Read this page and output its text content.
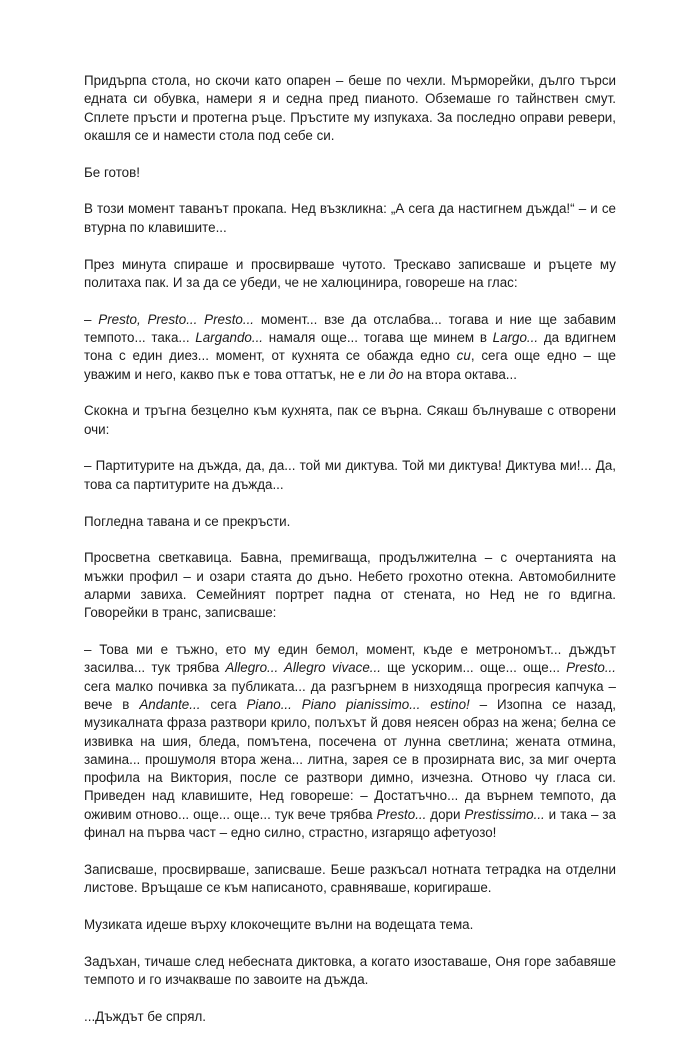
Придърпа стола, но скочи като опарен – беше по чехли. Мърморейки, дълго търси едната си обувка, намери я и седна пред пианото. Обземаше го тайнствен смут. Сплете пръсти и протегна ръце. Пръстите му изпукаха. За последно оправи ревери, окашля се и намести стола под себе си.

Бе готов!

В този момент таванът прокапа. Нед възкликна: „А сега да настигнем дъжда!“ – и се втурна по клавишите...

През минута спираше и просвирваше чутото. Трескаво записваше и ръцете му политаха пак. И за да се убеди, че не халюцинира, говореше на глас:

– Presto, Presto... Presto... момент... взе да отслабва... тогава и ние ще забавим темпото... така... Largando... намаля още... тогава ще минем в Largo... да вдигнем тона с един диез... момент, от кухнята се обажда едно си, сега още едно – ще уважим и него, какво пък е това оттатък, не е ли до на втора октава...

Скокна и тръгна безцелно към кухнята, пак се върна. Сякаш бълнуваше с отворени очи:

– Партитурите на дъжда, да, да... той ми диктува. Той ми диктува! Диктува ми!... Да, това са партитурите на дъжда...

Погледна тавана и се прекръсти.

Просветна светкавица. Бавна, премигваща, продължителна – с очертанията на мъжки профил – и озари стаята до дъно. Небето грохотно отекна. Автомобилните аларми завиха. Семейният портрет падна от стената, но Нед не го вдигна. Говорейки в транс, записваше:

– Това ми е тъжно, ето му един бемол, момент, къде е метрономът... дъждът засилва... тук трябва Allegro... Allegro vivace... ще ускорим... още... още... Presto... сега малко почивка за публиката... да разгърнем в низходяща прогресия капчука – вече в Andante... сега Piano... Piano pianissimo... estino! – Изопна се назад, музикалната фраза разтвори крило, полъхът й довя неясен образ на жена; белна се извивка на шия, бледа, помътена, посечена от лунна светлина; жената отмина, замина... прошумоля втора жена... литна, зарея се в прозирната вис, за миг очерта профила на Виктория, после се разтвори димно, изчезна. Отново чу гласа си. Приведен над клавишите, Нед говореше: – Достатъчно... да върнем темпото, да оживим отново... още... още... тук вече трябва Presto... дори Prestissimo... и така – за финал на първа част – едно силно, страстно, изгарящо афетуозо!

Записваше, просвирваше, записваше. Беше разкъсал нотната тетрадка на отделни листове. Връщаше се към написаното, сравняваше, коригираше.

Музиката идеше върху клокочещите вълни на водещата тема.

Задъхан, тичаше след небесната диктовка, а когато изоставаше, Оня горе забавяше темпото и го изчакваше по завоите на дъжда.

...Дъждът бе спрял.
